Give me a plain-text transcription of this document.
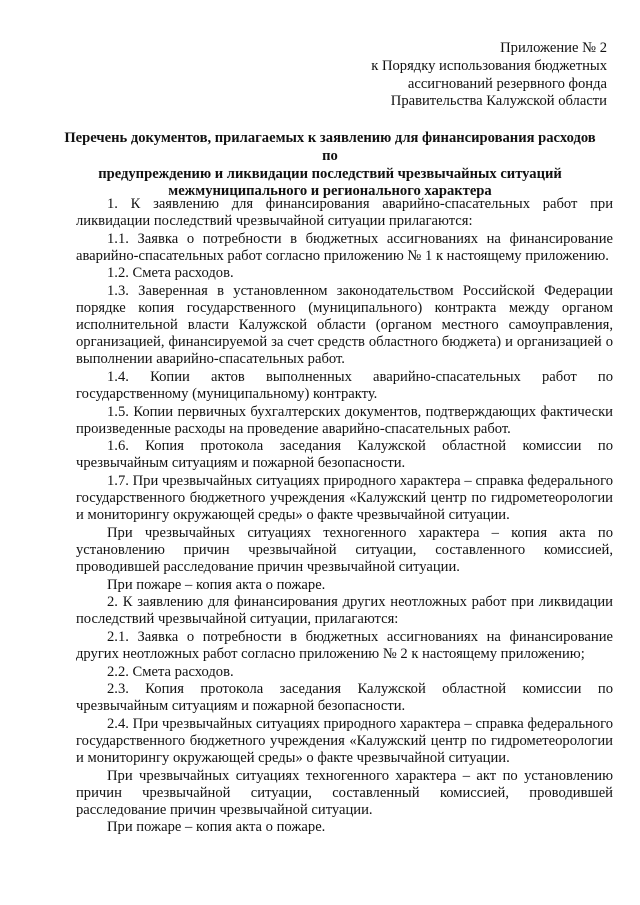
Приложение № 2
к Порядку использования бюджетных
ассигнований резервного фонда
Правительства Калужской области
Перечень документов, прилагаемых к заявлению для финансирования расходов по
предупреждению и ликвидации последствий чрезвычайных ситуаций
межмуниципального и регионального характера

1. К заявлению для финансирования аварийно-спасательных работ при ликвидации последствий чрезвычайной ситуации прилагаются:

1.1. Заявка о потребности в бюджетных ассигнованиях на финансирование аварийно-спасательных работ согласно приложению № 1 к настоящему приложению.

1.2. Смета расходов.

1.3. Заверенная в установленном законодательством Российской Федерации порядке копия государственного (муниципального) контракта между органом исполнительной власти Калужской области (органом местного самоуправления, организацией, финансируемой за счет средств областного бюджета) и организацией о выполнении аварийно-спасательных работ.

1.4. Копии актов выполненных аварийно-спасательных работ по государственному (муниципальному) контракту.

1.5. Копии первичных бухгалтерских документов, подтверждающих фактически произведенные расходы на проведение аварийно-спасательных работ.

1.6. Копия протокола заседания Калужской областной комиссии по чрезвычайным ситуациям и пожарной безопасности.

1.7. При чрезвычайных ситуациях природного характера – справка федерального государственного бюджетного учреждения «Калужский центр по гидрометеорологии и мониторингу окружающей среды» о факте чрезвычайной ситуации.

При чрезвычайных ситуациях техногенного характера – копия акта по установлению причин чрезвычайной ситуации, составленного комиссией, проводившей расследование причин чрезвычайной ситуации.

При пожаре – копия акта о пожаре.

2. К заявлению для финансирования других неотложных работ при ликвидации последствий чрезвычайной ситуации, прилагаются:

2.1. Заявка о потребности в бюджетных ассигнованиях на финансирование других неотложных работ согласно приложению № 2 к настоящему приложению;

2.2. Смета расходов.

2.3. Копия протокола заседания Калужской областной комиссии по чрезвычайным ситуациям и пожарной безопасности.

2.4. При чрезвычайных ситуациях природного характера – справка федерального государственного бюджетного учреждения «Калужский центр по гидрометеорологии и мониторингу окружающей среды» о факте чрезвычайной ситуации.

При чрезвычайных ситуациях техногенного характера – акт по установлению причин чрезвычайной ситуации, составленный комиссией, проводившей расследование причин чрезвычайной ситуации.

При пожаре – копия акта о пожаре.
